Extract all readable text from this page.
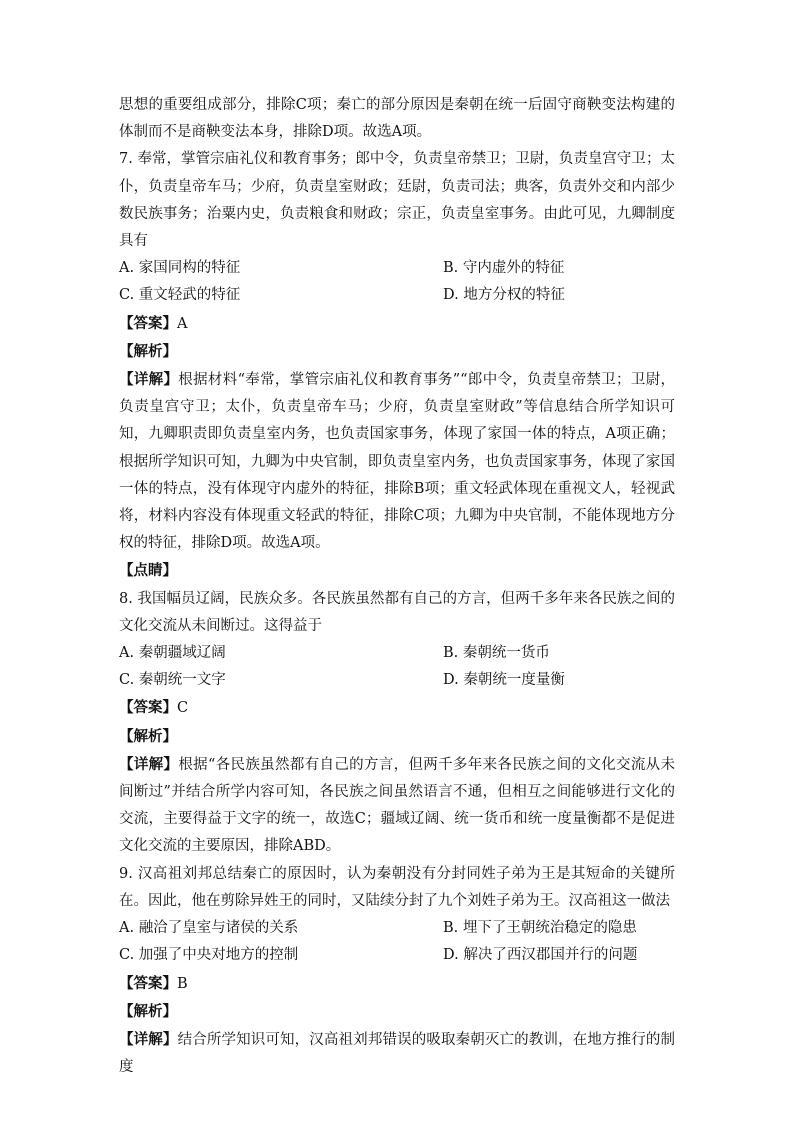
思想的重要组成部分，排除C项；秦亡的部分原因是秦朝在统一后固守商鞅变法构建的体制而不是商鞅变法本身，排除D项。故选A项。

7. 奉常，掌管宗庙礼仪和教育事务；郎中令，负责皇帝禁卫；卫尉，负责皇宫守卫；太仆，负责皇帝车马；少府，负责皇室财政；廷尉，负责司法；典客，负责外交和内部少数民族事务；治粟内史，负责粮食和财政；宗正，负责皇室事务。由此可见，九卿制度具有

A. 家国同构的特征	B. 守内虚外的特征
C. 重文轻武的特征	D. 地方分权的特征

【答案】A

【解析】

【详解】根据材料“奉常，掌管宗庙礼仪和教育事务”“郎中令，负责皇帝禁卫；卫尉，负责皇宫守卫；太仆，负责皇帝车马；少府，负责皇室财政”等信息结合所学知识可知，九卿职责即负责皇室内务，也负责国家事务，体现了家国一体的特点，A项正确；根据所学知识可知，九卿为中央官制，即负责皇室内务，也负责国家事务，体现了家国一体的特点，没有体现守内虚外的特征，排除B项；重文轻武体现在重视文人，轻视武将，材料内容没有体现重文轻武的特征，排除C项；九卿为中央官制，不能体现地方分权的特征，排除D项。故选A项。

【点睛】

8. 我国幅员辽阔，民族众多。各民族虽然都有自己的方言，但两千多年来各民族之间的文化交流从未间断过。这得益于

A. 秦朝疆域辽阔	B. 秦朝统一货币
C. 秦朝统一文字	D. 秦朝统一度量衡

【答案】C

【解析】

【详解】根据“各民族虽然都有自己的方言，但两千多年来各民族之间的文化交流从未间断过”并结合所学内容可知，各民族之间虽然语言不通，但相互之间能够进行文化的交流，主要得益于文字的统一，故选C；疆域辽阔、统一货币和统一度量衡都不是促进文化交流的主要原因，排除ABD。

9. 汉高祖刘邦总结秦亡的原因时，认为秦朝没有分封同姓子弟为王是其短命的关键所在。因此，他在剪除异姓王的同时，又陆续分封了九个刘姓子弟为王。汉高祖这一做法

A. 融洽了皇室与诸侯的关系	B. 埋下了王朝统治稳定的隐患
C. 加强了中央对地方的控制	D. 解决了西汉郡国并行的问题

【答案】B

【解析】

【详解】结合所学知识可知，汉高祖刘邦错误的吸取秦朝灭亡的教训，在地方推行的制度
